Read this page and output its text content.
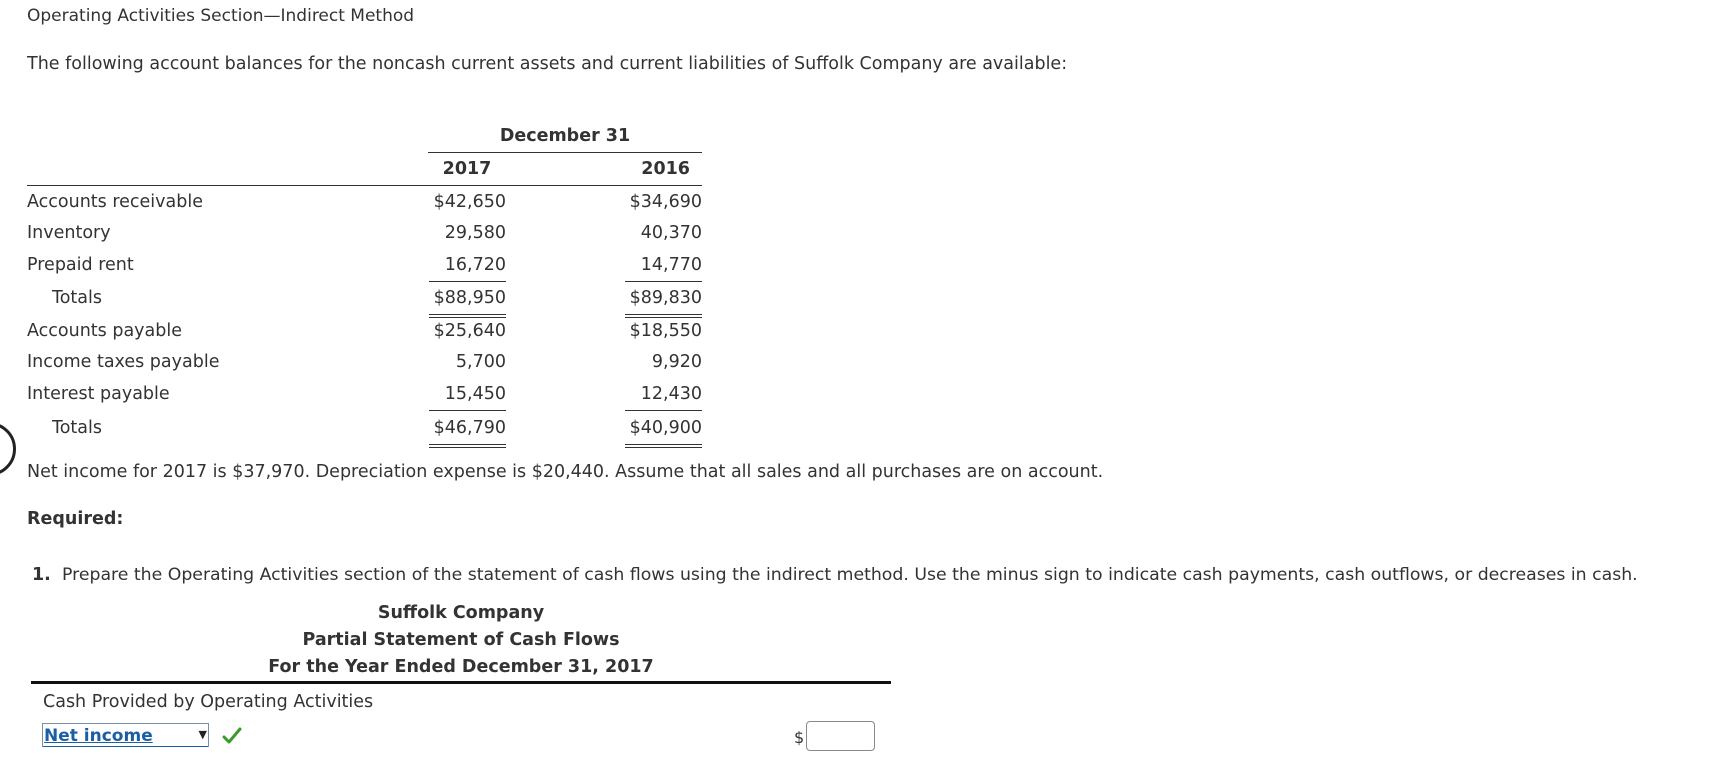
Operating Activities Section—Indirect Method
The following account balances for the noncash current assets and current liabilities of Suffolk Company are available:
December 31
2017	2016
Accounts receivable	$42,650	$34,690
Inventory	29,580	40,370
Prepaid rent	16,720	14,770
Totals	$88,950	$89,830
Accounts payable	$25,640	$18,550
Income taxes payable	5,700	9,920
Interest payable	15,450	12,430
Totals	$46,790	$40,900
Net income for 2017 is $37,970. Depreciation expense is $20,440. Assume that all sales and all purchases are on account.
Required:
1. Prepare the Operating Activities section of the statement of cash flows using the indirect method. Use the minus sign to indicate cash payments, cash outflows, or decreases in cash.
Suffolk Company
Partial Statement of Cash Flows
For the Year Ended December 31, 2017
Cash Provided by Operating Activities
Net income	▼	$
